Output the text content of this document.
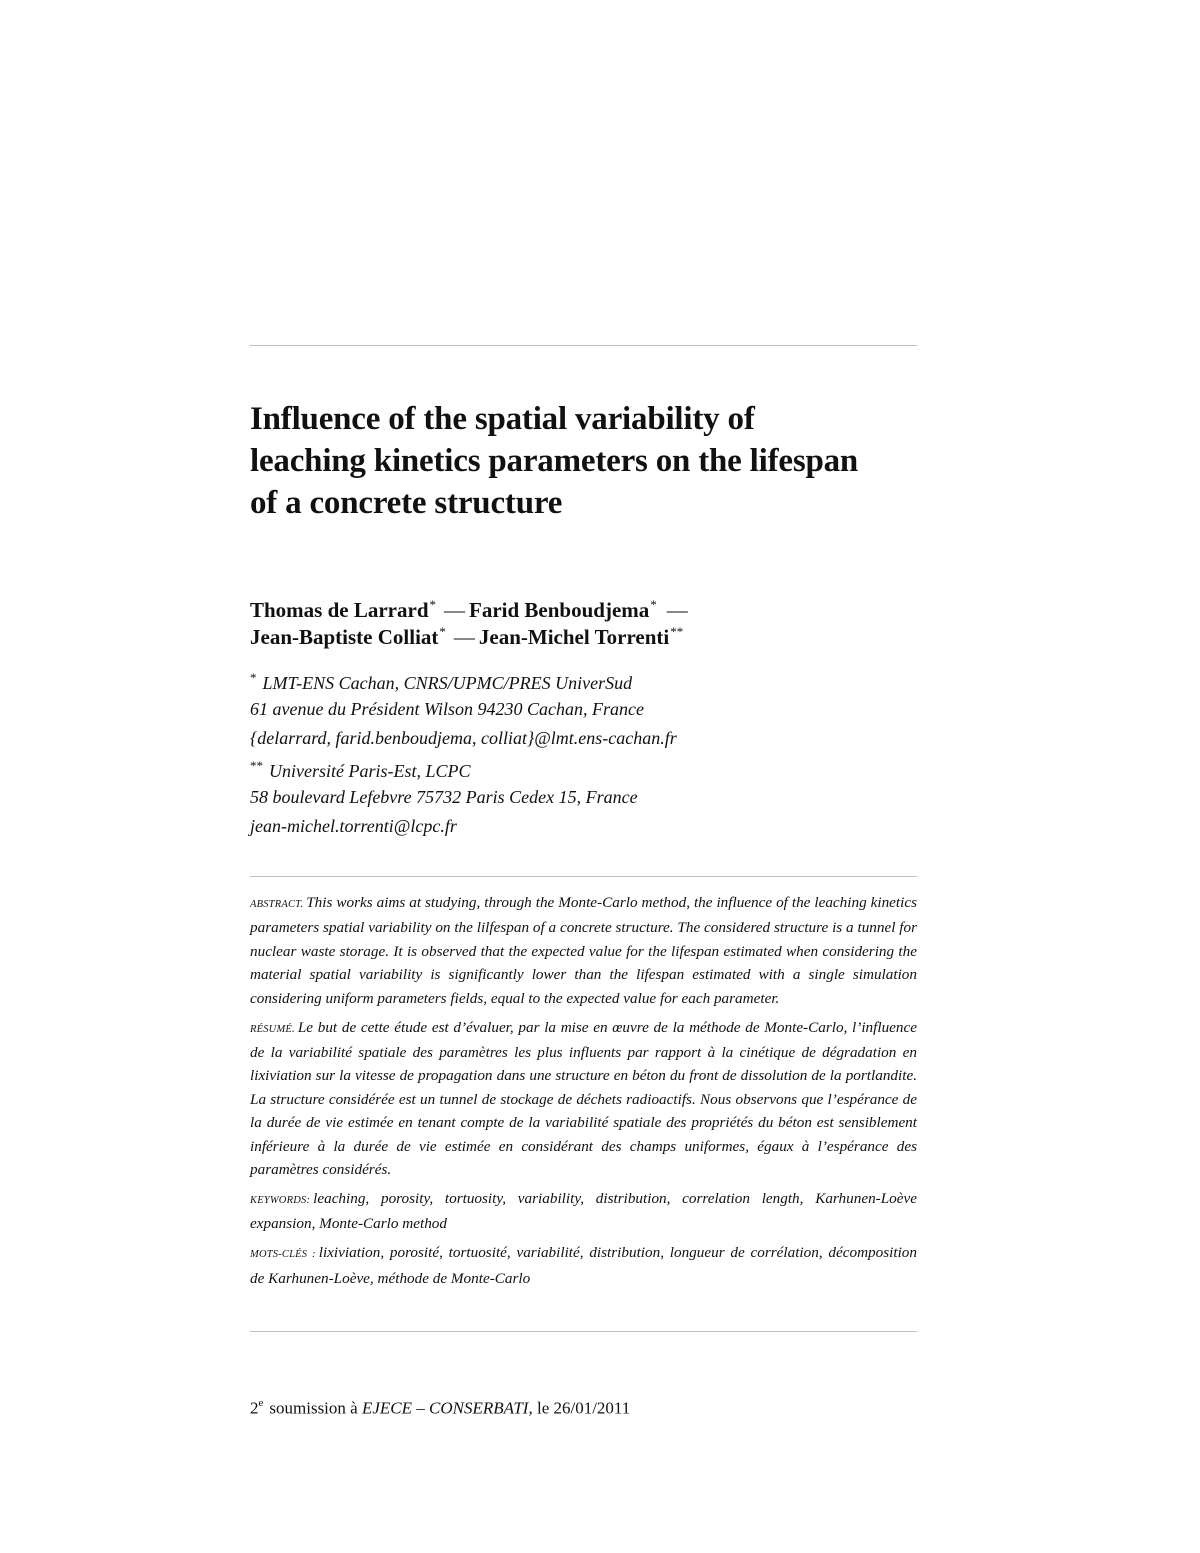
Influence of the spatial variability of
leaching kinetics parameters on the lifespan
of a concrete structure
Thomas de Larrard* — Farid Benboudjema* —
Jean-Baptiste Colliat* — Jean-Michel Torrenti**
* LMT-ENS Cachan, CNRS/UPMC/PRES UniverSud
61 avenue du Président Wilson 94230 Cachan, France
{delarrard, farid.benboudjema, colliat}@lmt.ens-cachan.fr
** Université Paris-Est, LCPC
58 boulevard Lefebvre 75732 Paris Cedex 15, France
jean-michel.torrenti@lcpc.fr

ABSTRACT. This works aims at studying, through the Monte-Carlo method, the influence of the leaching kinetics parameters spatial variability on the lilfespan of a concrete structure. The considered structure is a tunnel for nuclear waste storage. It is observed that the expected value for the lifespan estimated when considering the material spatial variability is significantly lower than the lifespan estimated with a single simulation considering uniform parameters fields, equal to the expected value for each parameter.

RÉSUMÉ. Le but de cette étude est d’évaluer, par la mise en œuvre de la méthode de Monte-Carlo, l’influence de la variabilité spatiale des paramètres les plus influents par rapport à la cinétique de dégradation en lixiviation sur la vitesse de propagation dans une structure en béton du front de dissolution de la portlandite. La structure considérée est un tunnel de stockage de déchets radioactifs. Nous observons que l’espérance de la durée de vie estimée en tenant compte de la variabilité spatiale des propriétés du béton est sensiblement inférieure à la durée de vie estimée en considérant des champs uniformes, égaux à l’espérance des paramètres considérés.

KEYWORDS: leaching, porosity, tortuosity, variability, distribution, correlation length, Karhunen-Loève expansion, Monte-Carlo method

MOTS-CLÉS : lixiviation, porosité, tortuosité, variabilité, distribution, longueur de corrélation, décomposition de Karhunen-Loève, méthode de Monte-Carlo

2e soumission à EJECE – CONSERBATI, le 26/01/2011
